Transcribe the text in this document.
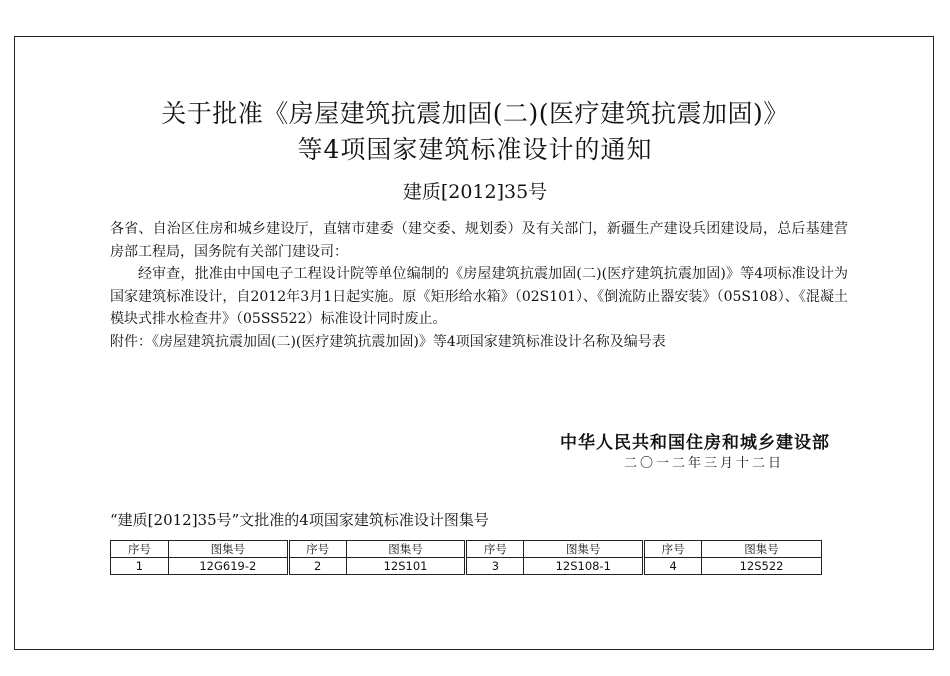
关于批准《房屋建筑抗震加固(二)(医疗建筑抗震加固)》
等4项国家建筑标准设计的通知
建质[2012]35号

各省、自治区住房和城乡建设厅，直辖市建委（建交委、规划委）及有关部门，新疆生产建设兵团建设局，总后基建营房部工程局，国务院有关部门建设司：

经审查，批准由中国电子工程设计院等单位编制的《房屋建筑抗震加固(二)(医疗建筑抗震加固)》等4项标准设计为国家建筑标准设计，自2012年3月1日起实施。原《矩形给水箱》（02S101）、《倒流防止器安装》（05S108）、《混凝土模块式排水检查井》（05SS522）标准设计同时废止。

附件：《房屋建筑抗震加固(二)(医疗建筑抗震加固)》等4项国家建筑标准设计名称及编号表

中华人民共和国住房和城乡建设部
二〇一二年三月十二日
“建质[2012]35号”文批准的4项国家建筑标准设计图集号
序号	图集号	序号	图集号	序号	图集号	序号	图集号
1	12G619-2	2	12S101	3	12S108-1	4	12S522
